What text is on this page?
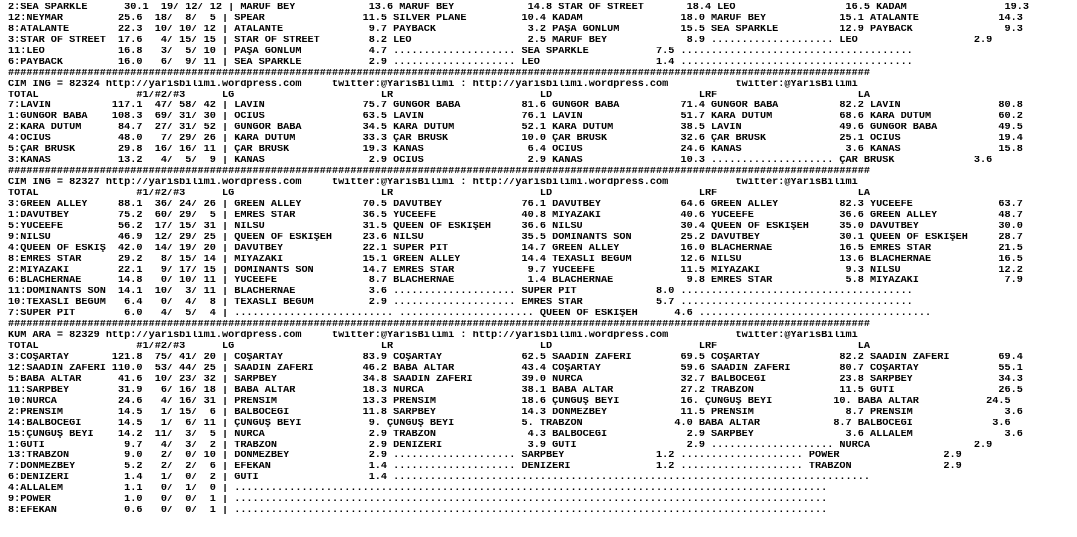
2:SEA SPARKLE      30.1  19/ 12/ 12 | MARUF BEY            13.6 MARUF BEY            14.8 STAR OF STREET       18.4 LEO                  16.5 KADAM                19.3
12:NEYMAR         25.6  18/  8/  5 | SPEAR                11.5 SILVER PLANE         10.4 KADAM                18.0 MARUF BEY            15.1 ATALANTE             14.3
8:ATALANTE        22.3  10/ 10/ 12 | ATALANTE              9.7 PAYBACK               3.2 PAŞA GÖNLÜM          15.5 SEA SPARKLE          12.9 PAYBACK               9.3
3:STAR OF STREET  17.6   4/ 15/ 15 | STAR OF STREET        8.2 LEO                   2.5 MARUF BEY             8.9 .................... LEO                   2.9
11:LEO            16.8   3/  5/ 10 | PAŞA GÖNLÜM           4.7 .................... SEA SPARKLE           7.5 ......................................
6:PAYBACK         16.0   6/  9/ 11 | SEA SPARKLE           2.9 .................... LEO                   1.4 ......................................
#############################################################################################################################################
CIM ING = 82324 http://yarisbilimi.wordpress.com     twitter:@YarisBilimi : http://yarisbilimi.wordpress.com           twitter:@YarisBilimi
TOTAL                #1/#2/#3      LG                        LR                        LD                        LRF                       LA
7:LAVIN          117.1  47/ 58/ 42 | LAVIN                75.7 GÜNGÖR BABA          81.6 GÜNGÖR BABA          71.4 GÜNGÖR BABA          82.2 LAVIN                80.8
1:GÜNGÖR BABA    108.3  69/ 31/ 30 | OCIUS                63.5 LAVIN                76.1 LAVIN                51.7 KARA DUTUM           68.6 KARA DUTUM           60.2
2:KARA DUTUM      84.7  27/ 31/ 52 | GÜNGÖR BABA          34.5 KARA DUTUM           52.1 KARA DUTUM           38.5 LAVIN                49.6 GÜNGÖR BABA          49.5
4:OCIUS           48.0   7/ 29/ 26 | KARA DUTUM           33.3 ÇAR BRUSK            10.0 ÇAR BRUSK            32.6 ÇAR BRUSK            25.1 OCIUS                19.4
5:ÇAR BRUSK       29.8  16/ 16/ 11 | ÇAR BRUSK            19.3 KANAS                 6.4 OCIUS                24.6 KANAS                 3.6 KANAS                15.8
3:KANAS           13.2   4/  5/  9 | KANAS                 2.9 OCIUS                 2.9 KANAS                10.3 .................... ÇAR BRUSK             3.6
#############################################################################################################################################
CIM ING = 82327 http://yarisbilimi.wordpress.com     twitter:@YarisBilimi : http://yarisbilimi.wordpress.com           twitter:@YarisBilimi
TOTAL                #1/#2/#3      LG                        LR                        LD                        LRF                       LA
3:GREEN ALLEY     88.1  36/ 24/ 26 | GREEN ALLEY          70.5 DAVUTBEY             76.1 DAVUTBEY             64.6 GREEN ALLEY          82.3 YÜCEEFE              63.7
1:DAVUTBEY        75.2  60/ 29/  5 | EMRES STAR           36.5 YÜCEEFE              40.8 MİYAZAKİ             40.6 YÜCEEFE              36.6 GREEN ALLEY          48.7
5:YÜCEEFE         56.2  17/ 15/ 31 | NILSU                31.5 QUEEN OF ESKİŞEH     36.6 NILSU                30.4 QUEEN OF ESKİŞEH     35.0 DAVUTBEY             30.0
9:NILSU           46.9  12/ 29/ 25 | QUEEN OF ESKİŞEH     23.6 NILSU                35.5 DOMINANTS SON        25.2 DAVUTBEY             30.1 QUEEN OF ESKİŞEH     28.7
4:QUEEN OF ESKİŞ  42.0  14/ 19/ 20 | DAVUTBEY             22.1 SUPER PIT            14.7 GREEN ALLEY          16.0 BLACHERNAE           16.5 EMRES STAR           21.5
8:EMRES STAR      29.2   8/ 15/ 14 | MİYAZAKİ             15.1 GREEN ALLEY          14.4 TEXASLI BEGÜM        12.6 NILSU                13.6 BLACHERNAE           16.5
2:MİYAZAKİ        22.1   9/ 17/ 15 | DOMINANTS SON        14.7 EMRES STAR            9.7 YÜCEEFE              11.5 MİYAZAKİ              9.3 NILSU                12.2
6:BLACHERNAE      14.8   0/ 10/ 11 | YÜCEEFE               8.7 BLACHERNAE            1.4 BLACHERNAE            9.8 EMRES STAR            5.8 MİYAZAKİ              7.9
11:DOMINANTS SON  14.1  10/  3/ 11 | BLACHERNAE            3.6 .................... SUPER PIT             8.0 ......................................
10:TEXASLI BEGÜM   6.4   0/  4/  8 | TEXASLI BEGÜM         2.9 .................... EMRES STAR            5.7 ......................................
7:SUPER PIT        6.0   4/  5/  4 | .......................... ...................... QUEEN OF ESKİŞEH      4.6 ......................................
#############################################################################################################################################
KUM ARA = 82329 http://yarisbilimi.wordpress.com     twitter:@YarisBilimi : http://yarisbilimi.wordpress.com           twitter:@YarisBilimi
TOTAL                #1/#2/#3      LG                        LR                        LD                        LRF                       LA
3:COŞARTAY       121.8  75/ 41/ 20 | COŞARTAY             83.9 COŞARTAY             62.5 SAADIN ZAFERİ        69.5 COŞARTAY             82.2 SAADIN ZAFERİ        69.4
12:SAADIN ZAFERİ 110.0  53/ 44/ 25 | SAADIN ZAFERİ        46.2 BABA ALTAR           43.4 COŞARTAY             59.6 SAADIN ZAFERİ        80.7 COŞARTAY             55.1
5:BABA ALTAR      41.6  10/ 23/ 32 | SARPBEY              34.8 SAADIN ZAFERİ        39.0 NURCA                32.7 BALBÖCEĞİ            23.8 SARPBEY              34.3
11:SARPBEY        31.9   6/ 16/ 18 | BABA ALTAR           18.3 NURCA                38.1 BABA ALTAR           27.2 TRABZON              11.5 GUTİ                 26.5
10:NURCA          24.6   4/ 16/ 31 | PRENSİM              13.3 PRENSİM              18.6 ÇUNGÜŞ BEYİ          16. ÇUNGÜŞ BEYİ          10. BABA ALTAR           24.5
2:PRENSİM         14.5   1/ 15/  6 | BALBÖCEĞİ            11.8 SARPBEY              14.3 DÖNMEZBEY            11.5 PRENSİM               8.7 PRENSİM               3.6
14:BALBÖCEĞİ      14.5   1/  6/ 11 | ÇUNGÜŞ BEYİ           9. ÇUNGÜŞ BEYİ           5. TRABZON               4.0 BABA ALTAR            8.7 BALBÖCEĞİ             3.6
15:ÇUNGÜŞ BEYİ    14.2  11/  3/  5 | NURCA                 2.9 TRABZON               4.3 BALBÖCEĞİ             2.9 SARPBEY               3.6 ALLALEM               3.6
1:GUTİ             9.7   4/  3/  2 | TRABZON               2.9 DENİZERİ              3.9 GUTİ                  2.9 .................... NURCA                 2.9
13:TRABZON         9.0   2/  0/ 10 | DÖNMEZBEY             2.9 .................... SARPBEY               1.2 .................... POWER                 2.9
7:DÖNMEZBEY        5.2   2/  2/  6 | EFEKAN                1.4 .................... DENİZERİ              1.2 .................... TRABZON               2.9
6:DENİZERİ         1.4   1/  0/  2 | GUTİ                  1.4 ..............................................................................
4:ALLALEM          1.1   0/  1/  0 | .................................................................................................
9:POWER            1.0   0/  0/  1 | .................................................................................................
8:EFEKAN           0.6   0/  0/  1 | .................................................................................................
